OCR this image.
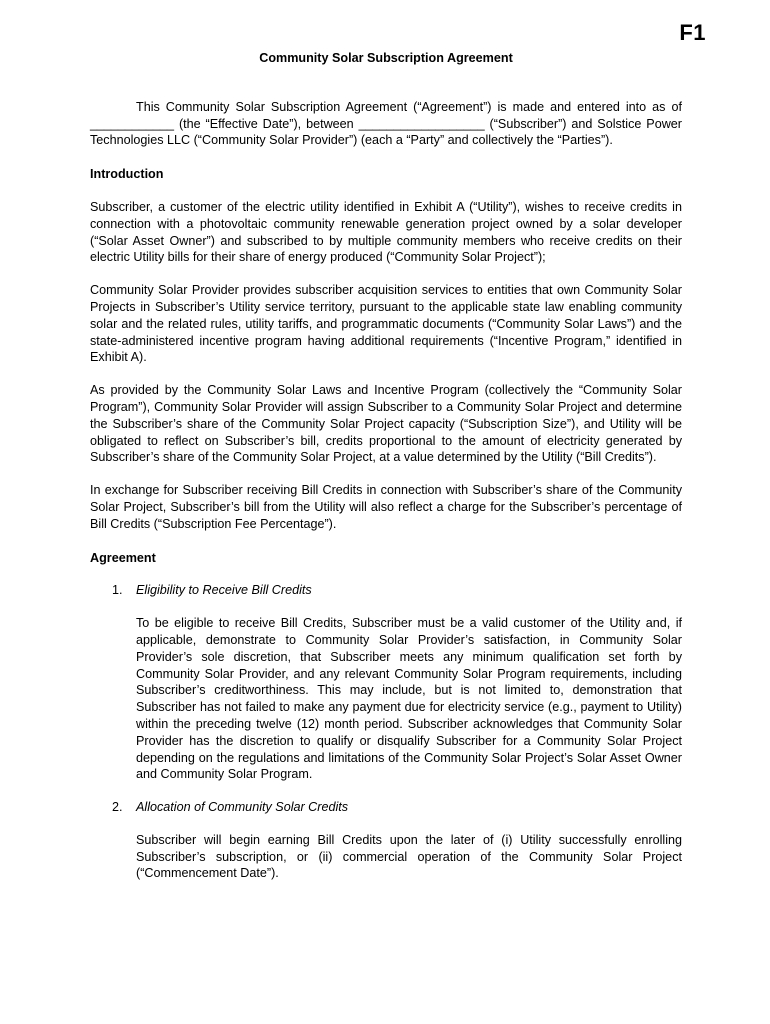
F1
Community Solar Subscription Agreement

This Community Solar Subscription Agreement (“Agreement”) is made and entered into as of ____________ (the “Effective Date”), between __________________ (“Subscriber”) and Solstice Power Technologies LLC (“Community Solar Provider”) (each a “Party” and collectively the “Parties”).

Introduction

Subscriber, a customer of the electric utility identified in Exhibit A (“Utility”), wishes to receive credits in connection with a photovoltaic community renewable generation project owned by a solar developer (“Solar Asset Owner”) and subscribed to by multiple community members who receive credits on their electric Utility bills for their share of energy produced (“Community Solar Project”);

Community Solar Provider provides subscriber acquisition services to entities that own Community Solar Projects in Subscriber’s Utility service territory, pursuant to the applicable state law enabling community solar and the related rules, utility tariffs, and programmatic documents (“Community Solar Laws”) and the state-administered incentive program having additional requirements (“Incentive Program,” identified in Exhibit A).

As provided by the Community Solar Laws and Incentive Program (collectively the “Community Solar Program”), Community Solar Provider will assign Subscriber to a Community Solar Project and determine the Subscriber’s share of the Community Solar Project capacity (“Subscription Size”), and Utility will be obligated to reflect on Subscriber’s bill, credits proportional to the amount of electricity generated by Subscriber’s share of the Community Solar Project, at a value determined by the Utility (“Bill Credits”).

In exchange for Subscriber receiving Bill Credits in connection with Subscriber’s share of the Community Solar Project, Subscriber’s bill from the Utility will also reflect a charge for the Subscriber’s percentage of Bill Credits (“Subscription Fee Percentage”).

Agreement
1.	Eligibility to Receive Bill Credits

To be eligible to receive Bill Credits, Subscriber must be a valid customer of the Utility and, if applicable, demonstrate to Community Solar Provider’s satisfaction, in Community Solar Provider’s sole discretion, that Subscriber meets any minimum qualification set forth by Community Solar Provider, and any relevant Community Solar Program requirements, including Subscriber’s creditworthiness. This may include, but is not limited to, demonstration that Subscriber has not failed to make any payment due for electricity service (e.g., payment to Utility) within the preceding twelve (12) month period. Subscriber acknowledges that Community Solar Provider has the discretion to qualify or disqualify Subscriber for a Community Solar Project depending on the regulations and limitations of the Community Solar Project’s Solar Asset Owner and Community Solar Program.

2.	Allocation of Community Solar Credits

Subscriber will begin earning Bill Credits upon the later of (i) Utility successfully enrolling Subscriber’s subscription, or (ii) commercial operation of the Community Solar Project (“Commencement Date”).
